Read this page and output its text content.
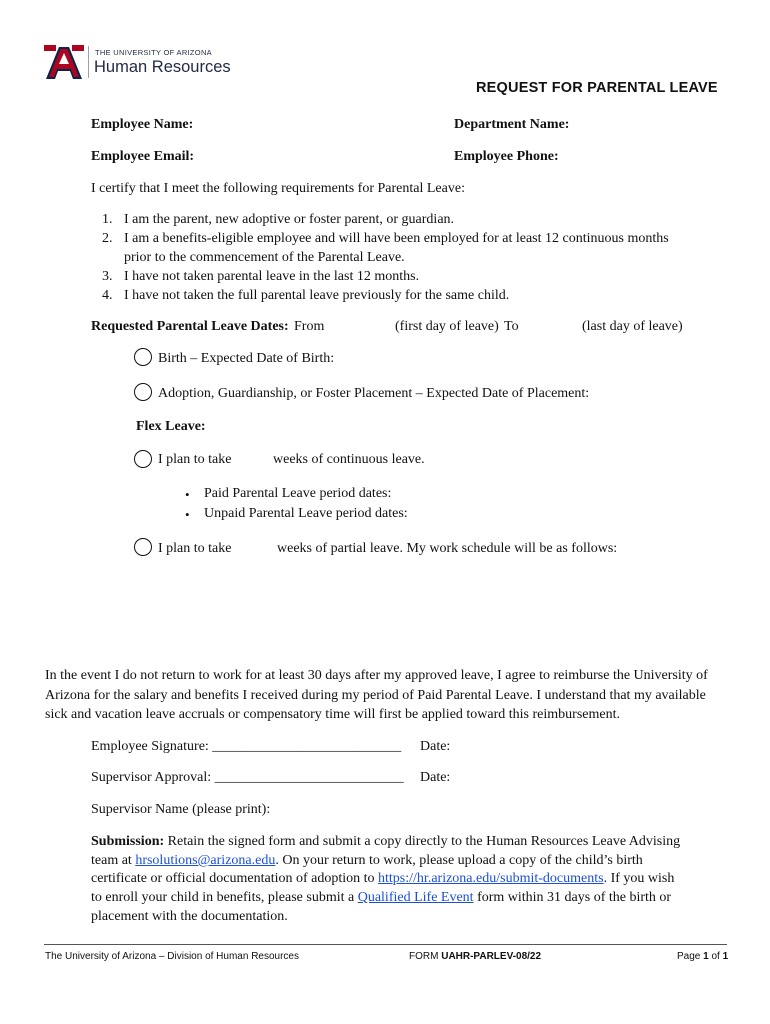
THE UNIVERSITY OF ARIZONA
Human Resources
REQUEST FOR PARENTAL LEAVE
Employee Name:	Department Name:
Employee Email:	Employee Phone:
I certify that I meet the following requirements for Parental Leave:
1. I am the parent, new adoptive or foster parent, or guardian.
2. I am a benefits-eligible employee and will have been employed for at least 12 continuous months
prior to the commencement of the Parental Leave.
3. I have not taken parental leave in the last 12 months.
4. I have not taken the full parental leave previously for the same child.
Requested Parental Leave Dates: From	(first day of leave) To	(last day of leave)
Birth – Expected Date of Birth:
Adoption, Guardianship, or Foster Placement – Expected Date of Placement:
Flex Leave:
I plan to take	weeks of continuous leave.
• Paid Parental Leave period dates:
• Unpaid Parental Leave period dates:
I plan to take	weeks of partial leave. My work schedule will be as follows:
In the event I do not return to work for at least 30 days after my approved leave, I agree to reimburse the University of
Arizona for the salary and benefits I received during my period of Paid Parental Leave. I understand that my available
sick and vacation leave accruals or compensatory time will first be applied toward this reimbursement.
Employee Signature: ___________________________ Date:
Supervisor Approval: ___________________________ Date:
Supervisor Name (please print):
Submission: Retain the signed form and submit a copy directly to the Human Resources Leave Advising
team at hrsolutions@arizona.edu. On your return to work, please upload a copy of the child’s birth
certificate or official documentation of adoption to https://hr.arizona.edu/submit-documents. If you wish
to enroll your child in benefits, please submit a Qualified Life Event form within 31 days of the birth or
placement with the documentation.
The University of Arizona – Division of Human Resources	FORM UAHR-PARLEV-08/22	Page 1 of 1
